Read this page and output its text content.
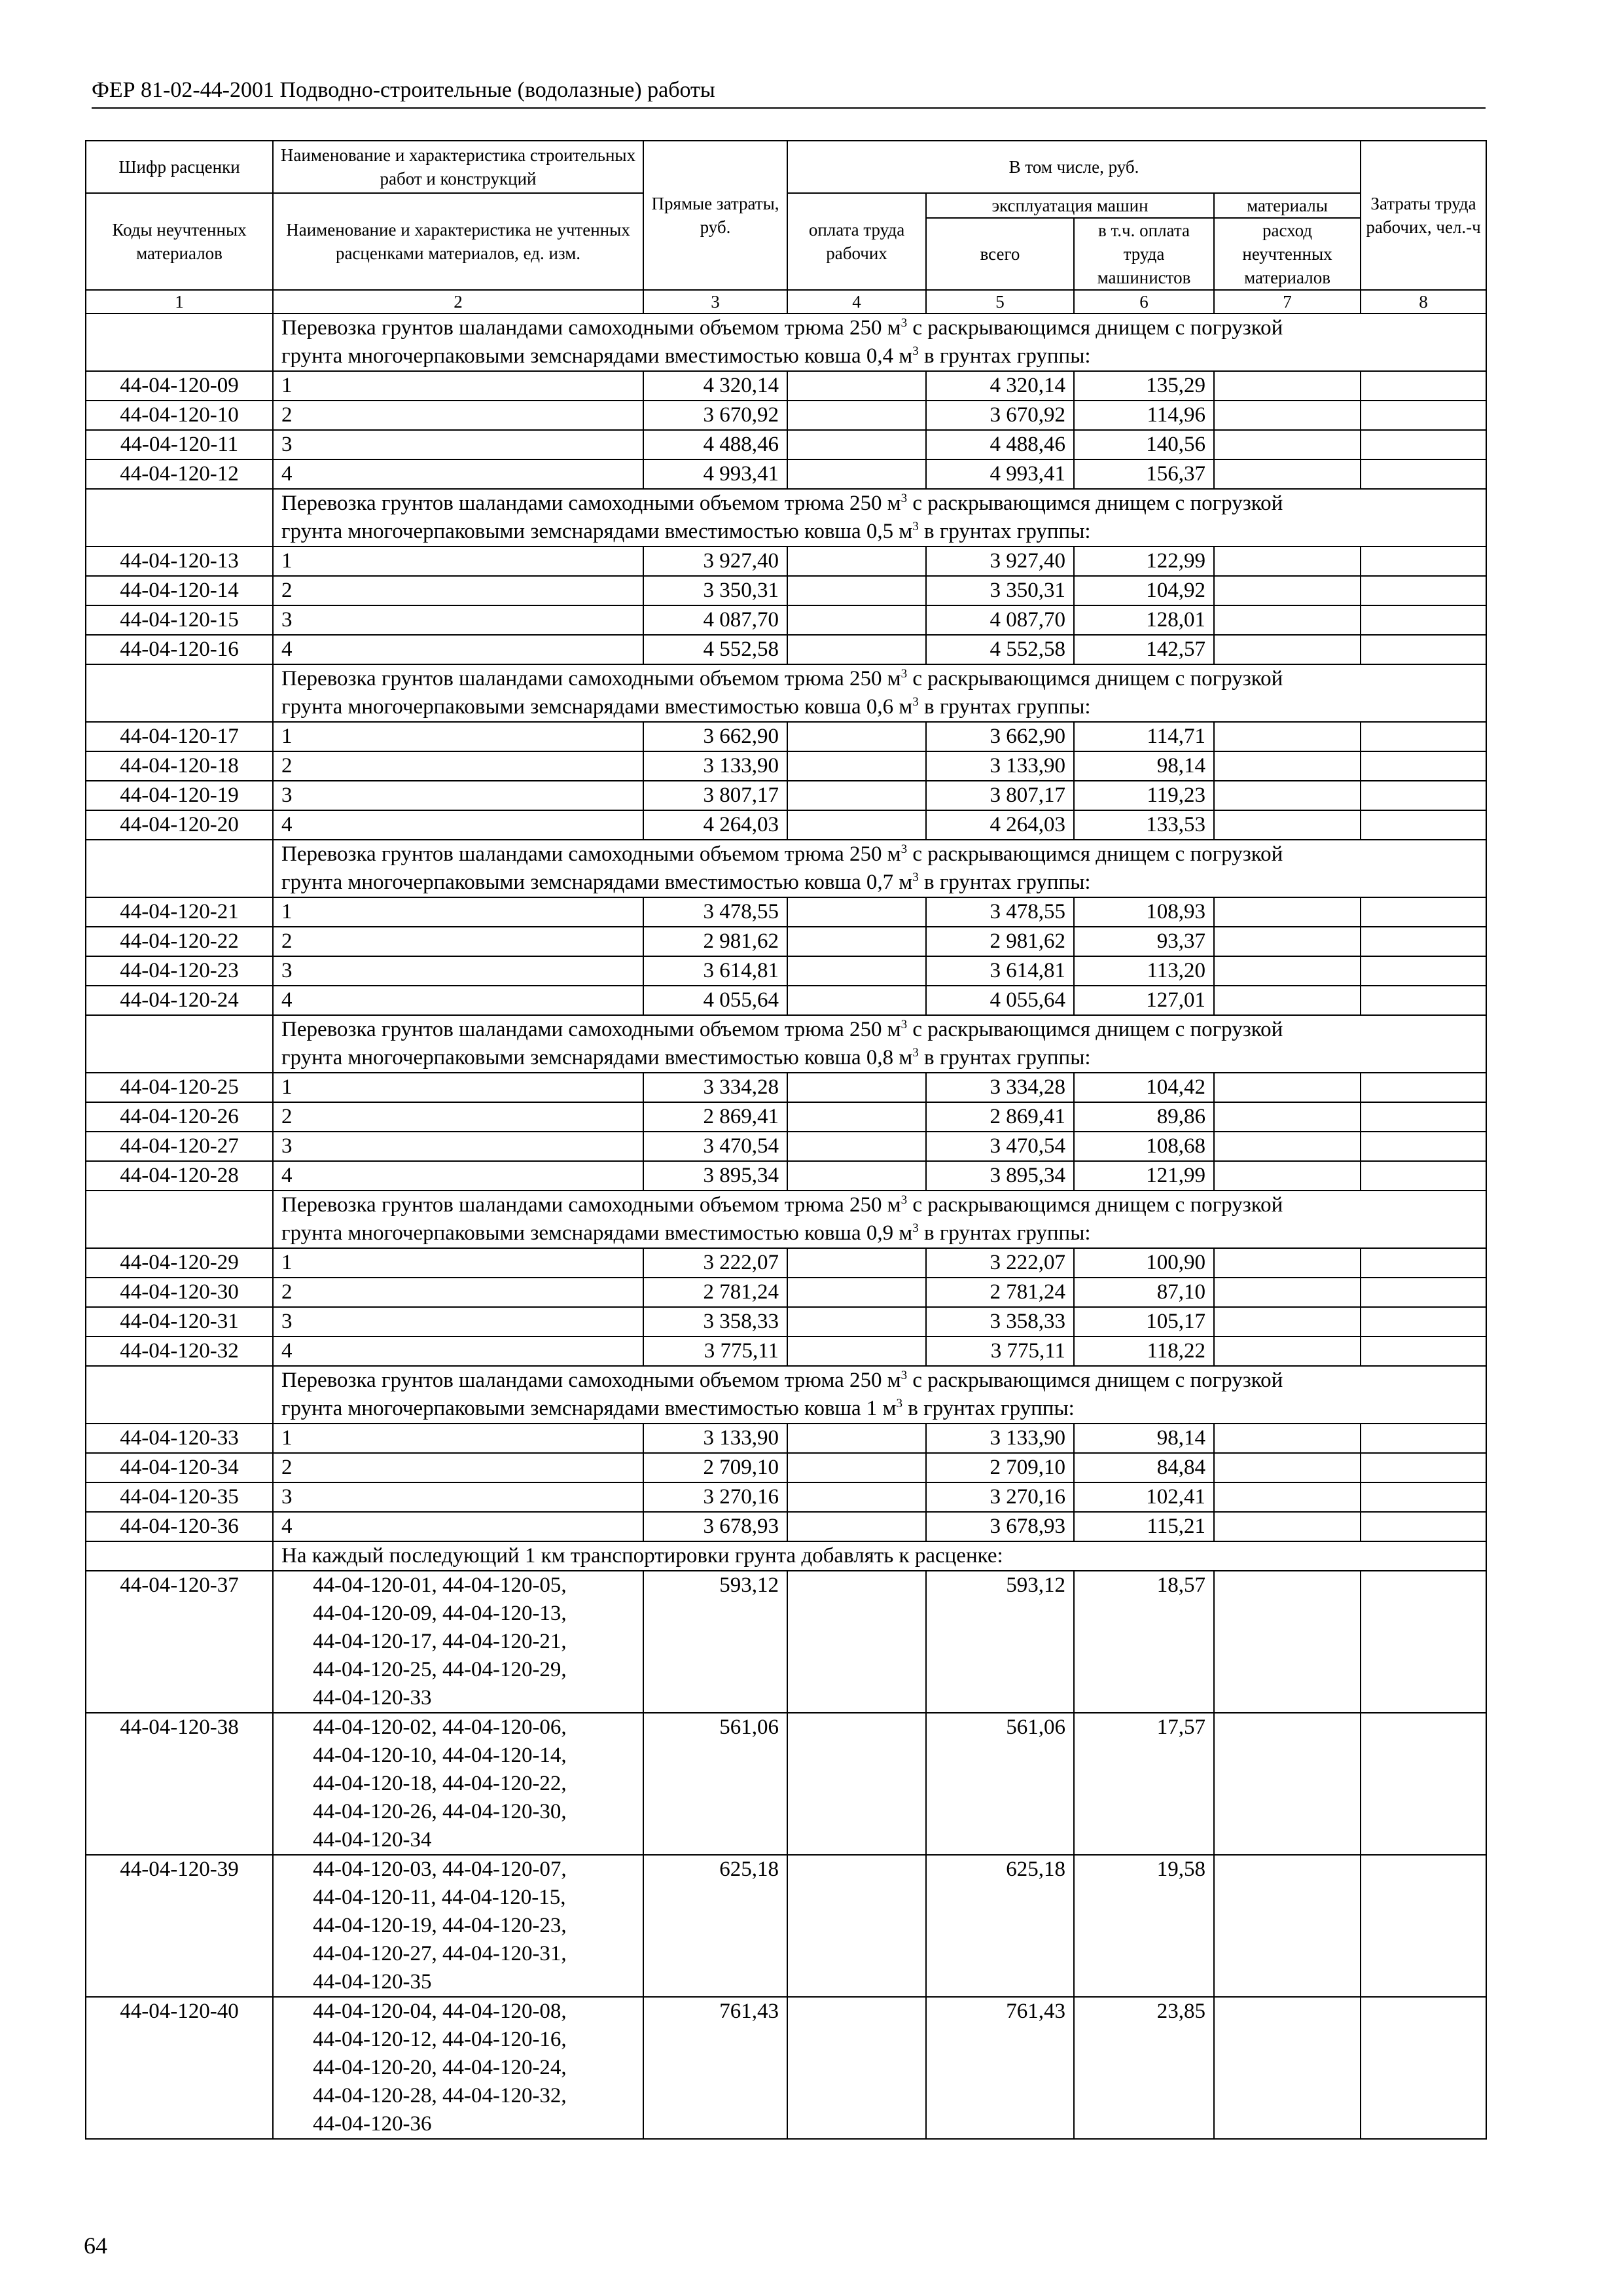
ФЕР 81-02-44-2001 Подводно-строительные (водолазные) работы
Шифр расценки	Наименование и характеристика строительных работ и конструкций	Прямые затраты, руб.	В том числе, руб.				Затраты труда рабочих, чел.-ч
Коды неучтенных материалов	Наименование и характеристика не учтенных расценками материалов, ед. изм.		оплата труда рабочих	эксплуатация машин		материалы	
				всего	в т.ч. оплата труда машинистов	расход неучтенных материалов	
1	2	3	4	5	6	7	8
	Перевозка грунтов шаландами самоходными объемом трюма 250 $м^3$ с раскрывающимся днищем с погрузкой
грунта многочерпаковыми земснарядами вместимостью ковша 0,4 $м^3$ в грунтах группы:						
44-04-120-09	1	4 320,14		4 320,14	135,29		
44-04-120-10	2	3 670,92		3 670,92	114,96		
44-04-120-11	3	4 488,46		4 488,46	140,56		
44-04-120-12	4	4 993,41		4 993,41	156,37		
	Перевозка грунтов шаландами самоходными объемом трюма 250 $м^3$ с раскрывающимся днищем с погрузкой
грунта многочерпаковыми земснарядами вместимостью ковша 0,5 $м^3$ в грунтах группы:						
44-04-120-13	1	3 927,40		3 927,40	122,99		
44-04-120-14	2	3 350,31		3 350,31	104,92		
44-04-120-15	3	4 087,70		4 087,70	128,01		
44-04-120-16	4	4 552,58		4 552,58	142,57		
	Перевозка грунтов шаландами самоходными объемом трюма 250 $м^3$ с раскрывающимся днищем с погрузкой
грунта многочерпаковыми земснарядами вместимостью ковша 0,6 $м^3$ в грунтах группы:						
44-04-120-17	1	3 662,90		3 662,90	114,71		
44-04-120-18	2	3 133,90		3 133,90	98,14		
44-04-120-19	3	3 807,17		3 807,17	119,23		
44-04-120-20	4	4 264,03		4 264,03	133,53		
	Перевозка грунтов шаландами самоходными объемом трюма 250 $м^3$ с раскрывающимся днищем с погрузкой
грунта многочерпаковыми земснарядами вместимостью ковша 0,7 $м^3$ в грунтах группы:						
44-04-120-21	1	3 478,55		3 478,55	108,93		
44-04-120-22	2	2 981,62		2 981,62	93,37		
44-04-120-23	3	3 614,81		3 614,81	113,20		
44-04-120-24	4	4 055,64		4 055,64	127,01		
	Перевозка грунтов шаландами самоходными объемом трюма 250 $м^3$ с раскрывающимся днищем с погрузкой
грунта многочерпаковыми земснарядами вместимостью ковша 0,8 $м^3$ в грунтах группы:						
44-04-120-25	1	3 334,28		3 334,28	104,42		
44-04-120-26	2	2 869,41		2 869,41	89,86		
44-04-120-27	3	3 470,54		3 470,54	108,68		
44-04-120-28	4	3 895,34		3 895,34	121,99		
	Перевозка грунтов шаландами самоходными объемом трюма 250 $м^3$ с раскрывающимся днищем с погрузкой
грунта многочерпаковыми земснарядами вместимостью ковша 0,9 $м^3$ в грунтах группы:						
44-04-120-29	1	3 222,07		3 222,07	100,90		
44-04-120-30	2	2 781,24		2 781,24	87,10		
44-04-120-31	3	3 358,33		3 358,33	105,17		
44-04-120-32	4	3 775,11		3 775,11	118,22		
	Перевозка грунтов шаландами самоходными объемом трюма 250 $м^3$ с раскрывающимся днищем с погрузкой
грунта многочерпаковыми земснарядами вместимостью ковша 1 $м^3$ в грунтах группы:						
44-04-120-33	1	3 133,90		3 133,90	98,14		
44-04-120-34	2	2 709,10		2 709,10	84,84		
44-04-120-35	3	3 270,16		3 270,16	102,41		
44-04-120-36	4	3 678,93		3 678,93	115,21		
	На каждый последующий 1 км транспортировки грунта добавлять к расценке:						
44-04-120-37	44-04-120-01, 44-04-120-05,
44-04-120-09, 44-04-120-13,
44-04-120-17, 44-04-120-21,
44-04-120-25, 44-04-120-29,
44-04-120-33	593,12		593,12	18,57		
44-04-120-38	44-04-120-02, 44-04-120-06,
44-04-120-10, 44-04-120-14,
44-04-120-18, 44-04-120-22,
44-04-120-26, 44-04-120-30,
44-04-120-34	561,06		561,06	17,57		
44-04-120-39	44-04-120-03, 44-04-120-07,
44-04-120-11, 44-04-120-15,
44-04-120-19, 44-04-120-23,
44-04-120-27, 44-04-120-31,
44-04-120-35	625,18		625,18	19,58		
44-04-120-40	44-04-120-04, 44-04-120-08,
44-04-120-12, 44-04-120-16,
44-04-120-20, 44-04-120-24,
44-04-120-28, 44-04-120-32,
44-04-120-36	761,43		761,43	23,85		
64
